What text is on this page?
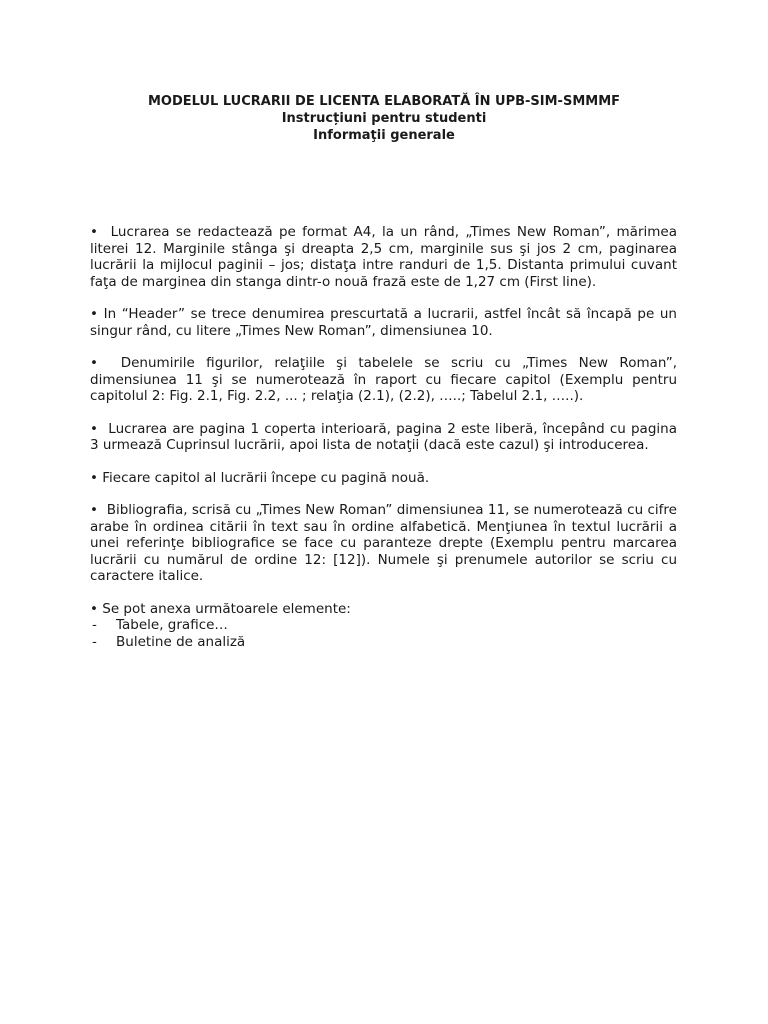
MODELUL LUCRARII DE LICENTA ELABORATĂ ÎN UPB-SIM-SMMMF
Instrucțiuni pentru studenti
Informaţii generale

• Lucrarea se redactează pe format A4, la un rând, „Times New Roman”, mărimea literei 12. Marginile stânga şi dreapta 2,5 cm, marginile sus şi jos 2 cm, paginarea lucrării la mijlocul paginii – jos; distaţa intre randuri de 1,5. Distanta primului cuvant faţa de marginea din stanga dintr-o nouă frază este de 1,27 cm (First line).

• In “Header” se trece denumirea prescurtată a lucrarii, astfel încât să încapă pe un singur rând, cu litere „Times New Roman”, dimensiunea 10.

•  Denumirile figurilor, relaţiile şi tabelele se scriu cu „Times New Roman”, dimensiunea 11 şi se numerotează în raport cu fiecare capitol (Exemplu pentru capitolul 2: Fig. 2.1, Fig. 2.2, ... ; relaţia (2.1), (2.2), …..; Tabelul 2.1, …..).

•  Lucrarea are pagina 1 coperta interioară, pagina 2 este liberă, începând cu pagina 3 urmează Cuprinsul lucrării, apoi lista de notaţii (dacă este cazul) şi introducerea.

• Fiecare capitol al lucrării începe cu pagină nouă.

•  Bibliografia, scrisă cu „Times New Roman” dimensiunea 11, se numerotează cu cifre arabe în ordinea citării în text sau în ordine alfabetică. Menţiunea în textul lucrării a unei referinţe bibliografice se face cu paranteze drepte (Exemplu pentru marcarea lucrării cu numărul de ordine 12: [12]). Numele şi prenumele autorilor se scriu cu caractere italice.

• Se pot anexa următoarele elemente:

-	Tabele, grafice…
-	Buletine de analiză
